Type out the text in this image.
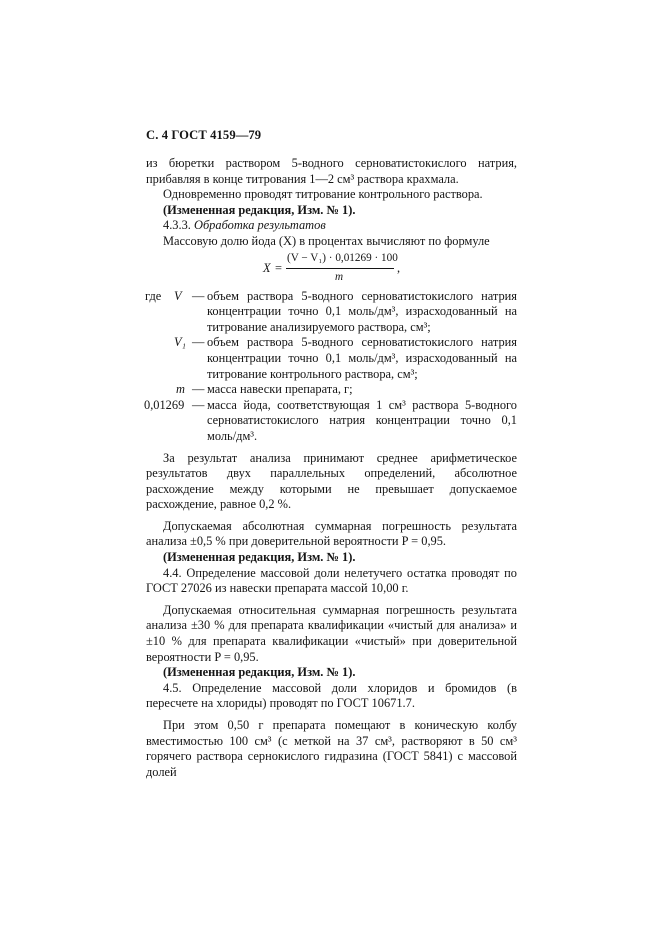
С. 4 ГОСТ 4159—79

из бюретки раствором 5-водного серноватистокислого натрия, прибавляя в конце титрования 1—2 см³ раствора крахмала.

Одновременно проводят титрование контрольного раствора.

(Измененная редакция, Изм. № 1).

4.3.3. Обработка результатов

Массовую долю йода (X) в процентах вычисляют по формуле

X =
(V − V₁) · 0,01269 · 100
m
,
где V — объем раствора 5-водного серноватистокислого натрия концентрации точно 0,1 моль/дм³, израсходованный на титрование анализируемого раствора, см³;

V₁ — объем раствора 5-водного серноватистокислого натрия концентрации точно 0,1 моль/дм³, израсходованный на титрование контрольного раствора, см³;

m — масса навески препарата, г;

0,01269 — масса йода, соответствующая 1 см³ раствора 5-водного серноватистокислого натрия концентрации точно 0,1 моль/дм³.

За результат анализа принимают среднее арифметическое результатов двух параллельных определений, абсолютное расхождение между которыми не превышает допускаемое расхождение, равное 0,2 %.

Допускаемая абсолютная суммарная погрешность результата анализа ±0,5 % при доверительной вероятности P = 0,95.

(Измененная редакция, Изм. № 1).

4.4. Определение массовой доли нелетучего остатка проводят по ГОСТ 27026 из навески препарата массой 10,00 г.

Допускаемая относительная суммарная погрешность результата анализа ±30 % для препарата квалификации «чистый для анализа» и ±10 % для препарата квалификации «чистый» при доверительной вероятности P = 0,95.

(Измененная редакция, Изм. № 1).

4.5. Определение массовой доли хлоридов и бромидов (в пересчете на хлориды) проводят по ГОСТ 10671.7.

При этом 0,50 г препарата помещают в коническую колбу вместимостью 100 см³ (с меткой на 37 см³, растворяют в 50 см³ горячего раствора сернокислого гидразина (ГОСТ 5841) с массовой долей
